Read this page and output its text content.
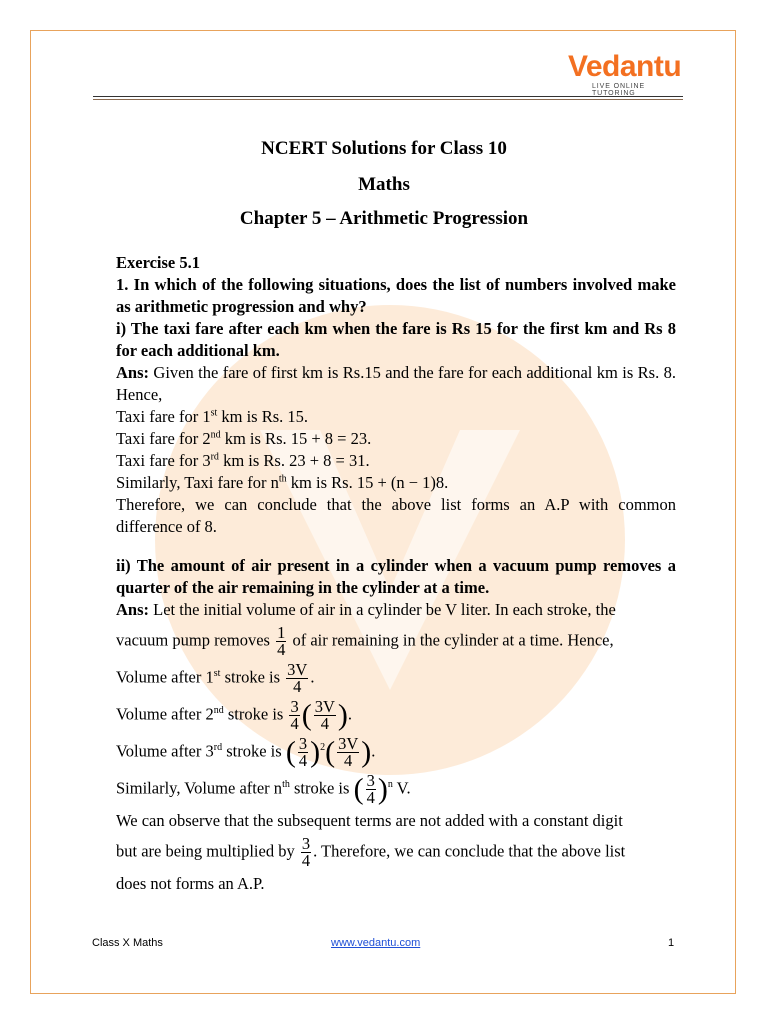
Vedantu
LIVE ONLINE TUTORING
NCERT Solutions for Class 10
Maths
Chapter 5 – Arithmetic Progression

Exercise 5.1

1. In which of the following situations, does the list of numbers involved make as arithmetic progression and why?

i) The taxi fare after each km when the fare is Rs 15 for the first km and Rs 8 for each additional km.

Ans: Given the fare of first km is Rs.15 and the fare for each additional km is Rs. 8. Hence,

Taxi fare for 1st km is Rs. 15.

Taxi fare for 2nd km is Rs. 15 + 8 = 23.

Taxi fare for 3rd km is Rs. 23 + 8 = 31.

Similarly, Taxi fare for $n^{th}$ km is Rs. 15 + (n − 1)8.

Therefore, we can conclude that the above list forms an A.P with common difference of 8.

ii) The amount of air present in a cylinder when a vacuum pump removes a quarter of the air remaining in the cylinder at a time.

Ans: Let the initial volume of air in a cylinder be V liter. In each stroke, the

vacuum pump removes $\frac{1}{4}$ of air remaining in the cylinder at a time. Hence,

Volume after 1st stroke is $\frac{3V}{4}$ .

Volume after 2nd stroke is $\frac{3}{4}$ ( $\frac{3V}{4}$ ).

Volume after 3rd stroke is ( $\frac{3}{4} )^2( \frac{3V}{4}$ ).

Similarly, Volume after $n^{th}$ stroke is ( $\frac{3}{4} )^n$ V.

We can observe that the subsequent terms are not added with a constant digit

but are being multiplied by $\frac{3}{4}$ . Therefore, we can conclude that the above list

does not forms an A.P.

Class X Maths	www.vedantu.com	1
